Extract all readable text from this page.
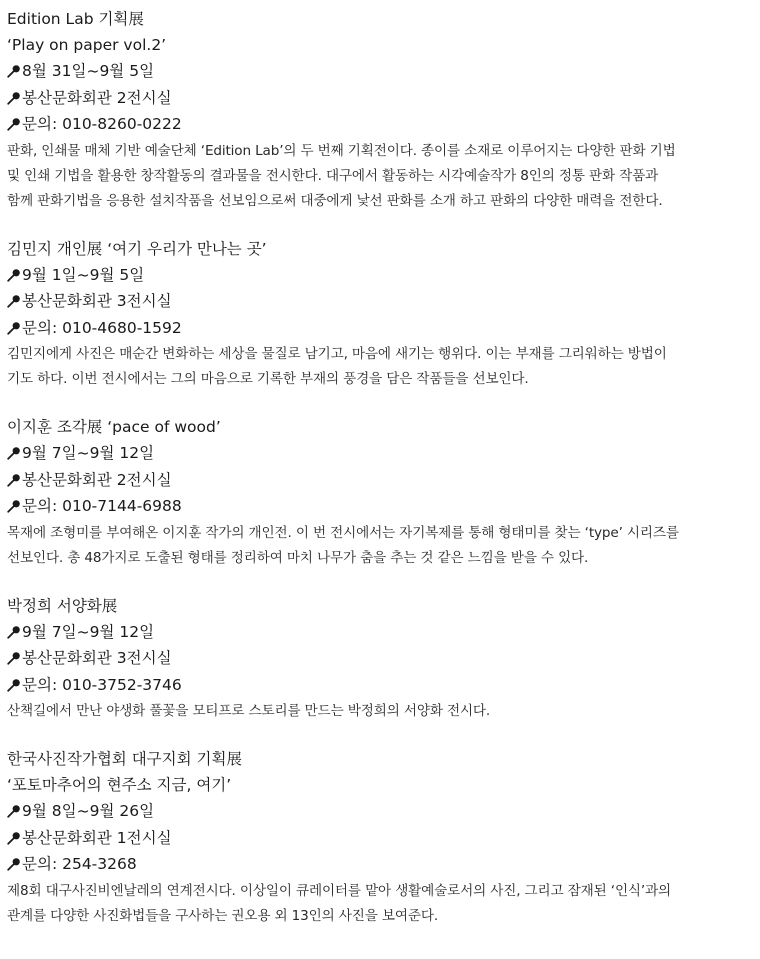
Edition Lab 기획展
‘Play on paper vol.2’
8월 31일~9월 5일
봉산문화회관 2전시실
문의: 010-8260-0222
판화, 인쇄물 매체 기반 예술단체 ‘Edition Lab’의 두 번째 기획전이다. 종이를 소재로 이루어지는 다양한 판화 기법
및 인쇄 기법을 활용한 창작활동의 결과물을 전시한다. 대구에서 활동하는 시각예술작가 8인의 정통 판화 작품과
함께 판화기법을 응용한 설치작품을 선보임으로써 대중에게 낯선 판화를 소개 하고 판화의 다양한 매력을 전한다.
김민지 개인展 ‘여기 우리가 만나는 곳’
9월 1일~9월 5일
봉산문화회관 3전시실
문의: 010-4680-1592
김민지에게 사진은 매순간 변화하는 세상을 물질로 남기고, 마음에 새기는 행위다. 이는 부재를 그리워하는 방법이
기도 하다. 이번 전시에서는 그의 마음으로 기록한 부재의 풍경을 담은 작품들을 선보인다.
이지훈 조각展 ‘pace of wood’
9월 7일~9월 12일
봉산문화회관 2전시실
문의: 010-7144-6988
목재에 조형미를 부여해온 이지훈 작가의 개인전. 이 번 전시에서는 자기복제를 통해 형태미를 찾는 ‘type’ 시리즈를
선보인다. 총 48가지로 도출된 형태를 정리하여 마치 나무가 춤을 추는 것 같은 느낌을 받을 수 있다.
박정희 서양화展
9월 7일~9월 12일
봉산문화회관 3전시실
문의: 010-3752-3746
산책길에서 만난 야생화 풀꽃을 모티프로 스토리를 만드는 박정희의 서양화 전시다.
한국사진작가협회 대구지회 기획展
‘포토마추어의 현주소 지금, 여기’
9월 8일~9월 26일
봉산문화회관 1전시실
문의: 254-3268
제8회 대구사진비엔날레의 연계전시다. 이상일이 큐레이터를 맡아 생활예술로서의 사진, 그리고 잠재된 ‘인식’과의
관계를 다양한 사진화법들을 구사하는 권오용 외 13인의 사진을 보여준다.
